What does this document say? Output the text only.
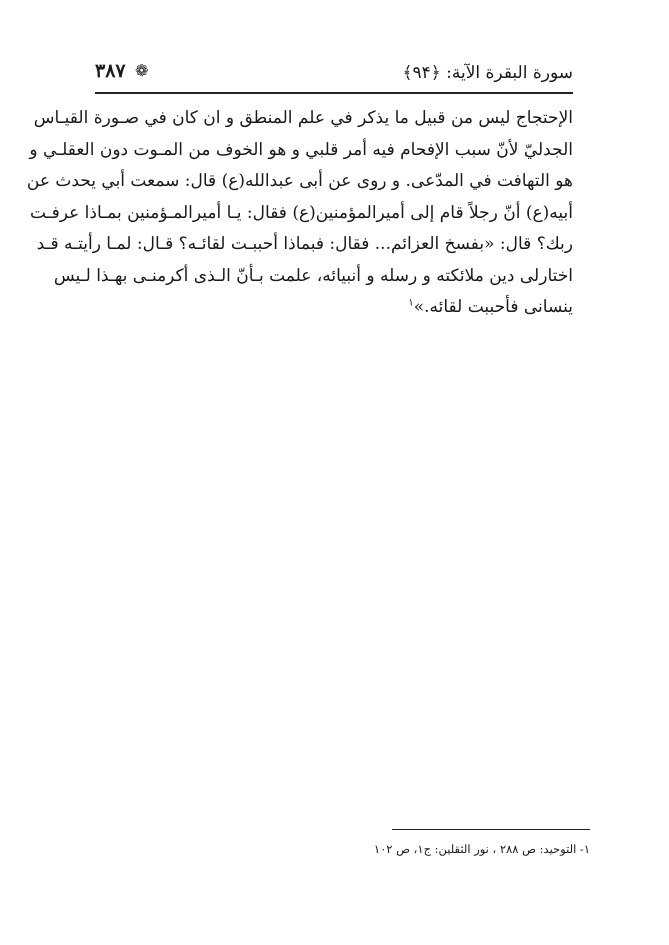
سورة البقرة الآية: ﴿۹۴﴾
❁
۳۸۷
الإحتجاج ليس من قبيل ما يذكر في علم المنطق و ان كان في صـورة القيـاس
الجدليّ لأنّ سبب الإفحام فيه أمر قلبي و هو الخوف من المـوت دون العقلـي و
هو التهافت في المدّعى. و روى عن أبى عبدالله(ع) قال: سمعت أبي يحدث عن
أبيه(ع) أنّ رجلاً قام إلى أميرالمؤمنين(ع) فقال: يـا أميرالمـؤمنين بمـاذا عرفـت
ربك؟ قال: «بفسخ العزائم... فقال: فبماذا أحببـت لقائـه؟ قـال: لمـا رأيتـه قـد
اختارلى دين ملائكته و رسله و أنبيائه، علمت بـأنّ الـذى أكرمنـى بهـذا لـيس
ينسانى فأحببت لقائه.»$^۱$
۱- التوحيد: ص ۲۸۸ ، نور الثقلين: ج۱، ص ۱۰۲
